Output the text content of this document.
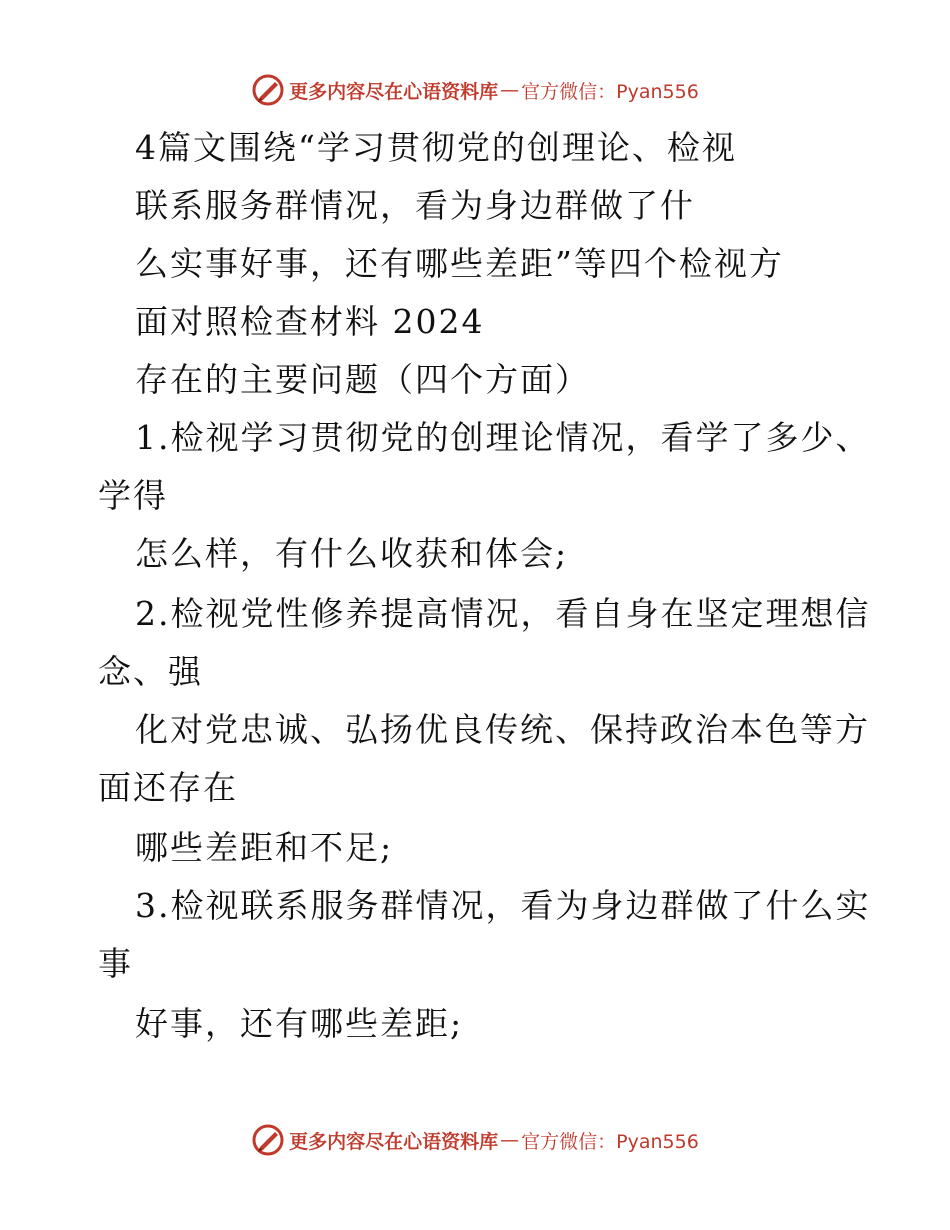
更多内容尽在心语资料库 — 官方微信：Pyan556
4篇文围绕“学习贯彻党的创理论、检视
联系服务群情况，看为身边群做了什
么实事好事，还有哪些差距”等四个检视方
面对照检查材料 2024
存在的主要问题（四个方面）
1.检视学习贯彻党的创理论情况，看学了多少、
学得
怎么样，有什么收获和体会;
2.检视党性修养提高情况，看自身在坚定理想信
念、强
化对党忠诚、弘扬优良传统、保持政治本色等方
面还存在
哪些差距和不足;
3.检视联系服务群情况，看为身边群做了什么实
事
好事，还有哪些差距;
更多内容尽在心语资料库 — 官方微信：Pyan556
